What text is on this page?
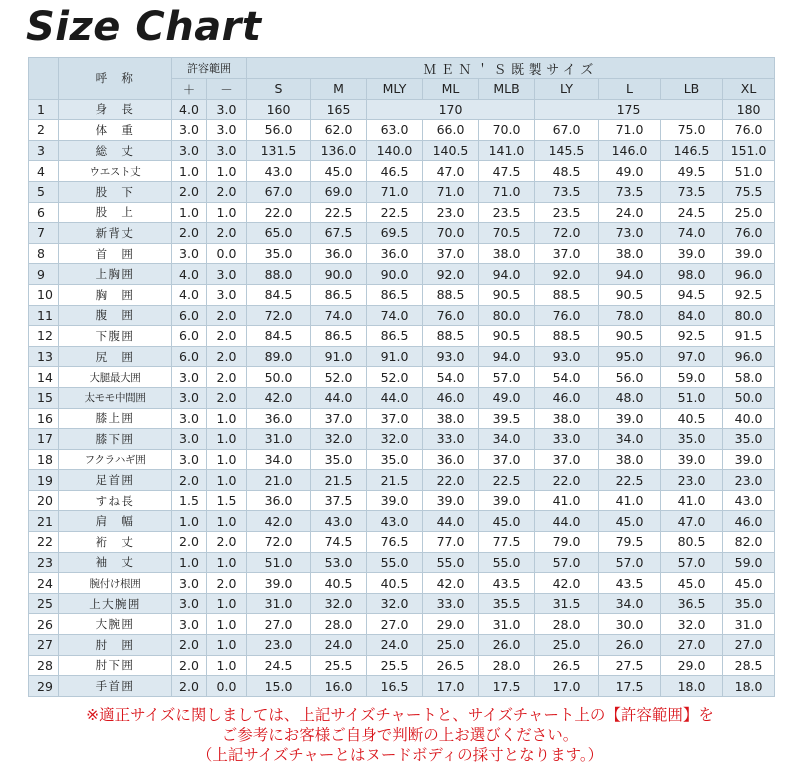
Size Chart
	呼　称	許容範囲		ＭＥＮ＇Ｓ既製サイズ								
		＋	－	S	M	MLY	ML	MLB	LY	L	LB	XL
1	身　長	4.0	3.0	160	165	170			175			180
2	体　重	3.0	3.0	56.0	62.0	63.0	66.0	70.0	67.0	71.0	75.0	76.0
3	総　丈	3.0	3.0	131.5	136.0	140.0	140.5	141.0	145.5	146.0	146.5	151.0
4	ウエスト丈	1.0	1.0	43.0	45.0	46.5	47.0	47.5	48.5	49.0	49.5	51.0
5	股　下	2.0	2.0	67.0	69.0	71.0	71.0	71.0	73.5	73.5	73.5	75.5
6	股　上	1.0	1.0	22.0	22.5	22.5	23.0	23.5	23.5	24.0	24.5	25.0
7	新背丈	2.0	2.0	65.0	67.5	69.5	70.0	70.5	72.0	73.0	74.0	76.0
8	首　囲	3.0	0.0	35.0	36.0	36.0	37.0	38.0	37.0	38.0	39.0	39.0
9	上胸囲	4.0	3.0	88.0	90.0	90.0	92.0	94.0	92.0	94.0	98.0	96.0
10	胸　囲	4.0	3.0	84.5	86.5	86.5	88.5	90.5	88.5	90.5	94.5	92.5
11	腹　囲	6.0	2.0	72.0	74.0	74.0	76.0	80.0	76.0	78.0	84.0	80.0
12	下腹囲	6.0	2.0	84.5	86.5	86.5	88.5	90.5	88.5	90.5	92.5	91.5
13	尻　囲	6.0	2.0	89.0	91.0	91.0	93.0	94.0	93.0	95.0	97.0	96.0
14	大腿最大囲	3.0	2.0	50.0	52.0	52.0	54.0	57.0	54.0	56.0	59.0	58.0
15	太モモ中間囲	3.0	2.0	42.0	44.0	44.0	46.0	49.0	46.0	48.0	51.0	50.0
16	膝上囲	3.0	1.0	36.0	37.0	37.0	38.0	39.5	38.0	39.0	40.5	40.0
17	膝下囲	3.0	1.0	31.0	32.0	32.0	33.0	34.0	33.0	34.0	35.0	35.0
18	フクラハギ囲	3.0	1.0	34.0	35.0	35.0	36.0	37.0	37.0	38.0	39.0	39.0
19	足首囲	2.0	1.0	21.0	21.5	21.5	22.0	22.5	22.0	22.5	23.0	23.0
20	すね長	1.5	1.5	36.0	37.5	39.0	39.0	39.0	41.0	41.0	41.0	43.0
21	肩　幅	1.0	1.0	42.0	43.0	43.0	44.0	45.0	44.0	45.0	47.0	46.0
22	裄　丈	2.0	2.0	72.0	74.5	76.5	77.0	77.5	79.0	79.5	80.5	82.0
23	袖　丈	1.0	1.0	51.0	53.0	55.0	55.0	55.0	57.0	57.0	57.0	59.0
24	腕付け根囲	3.0	2.0	39.0	40.5	40.5	42.0	43.5	42.0	43.5	45.0	45.0
25	上大腕囲	3.0	1.0	31.0	32.0	32.0	33.0	35.5	31.5	34.0	36.5	35.0
26	大腕囲	3.0	1.0	27.0	28.0	27.0	29.0	31.0	28.0	30.0	32.0	31.0
27	肘　囲	2.0	1.0	23.0	24.0	24.0	25.0	26.0	25.0	26.0	27.0	27.0
28	肘下囲	2.0	1.0	24.5	25.5	25.5	26.5	28.0	26.5	27.5	29.0	28.5
29	手首囲	2.0	0.0	15.0	16.0	16.5	17.0	17.5	17.0	17.5	18.0	18.0
※適正サイズに関しましては、上記サイズチャートと、サイズチャート上の【許容範囲】を
ご参考にお客様ご自身で判断の上お選びください。
（上記サイズチャーとはヌードボディの採寸となります。）
